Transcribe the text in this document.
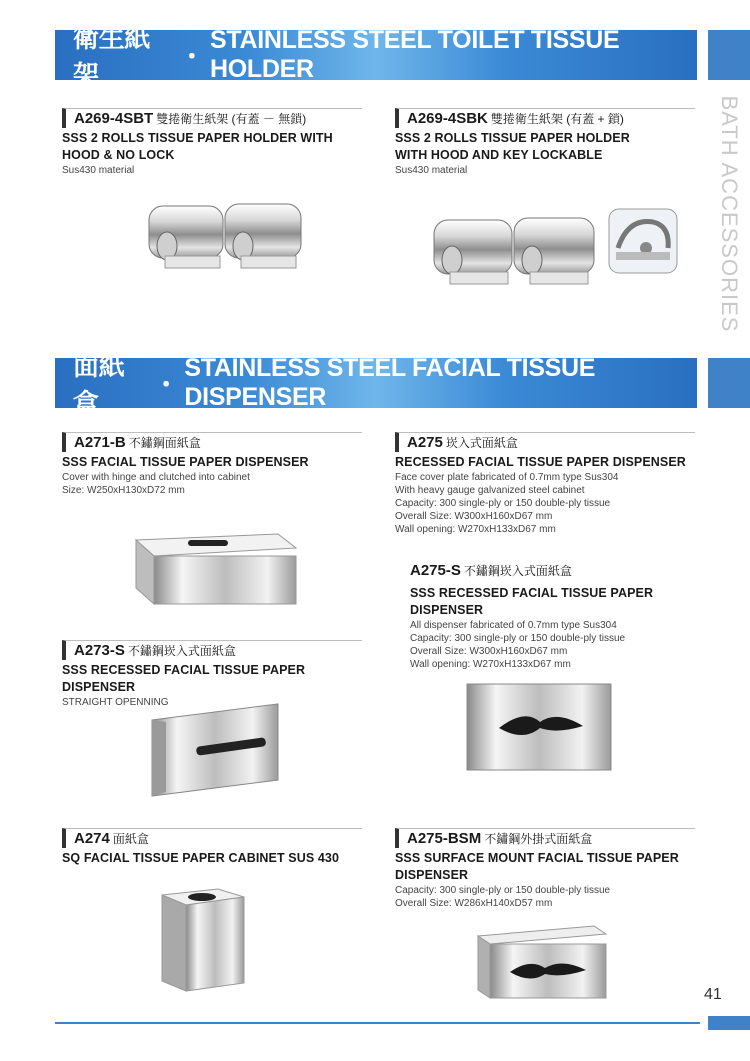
衛生紙架
・
STAINLESS STEEL TOILET TISSUE HOLDER
BATH ACCESSORIES
A269-4SBT 雙捲衛生紙架 (有蓋 － 無鎖)
SSS 2 ROLLS TISSUE PAPER HOLDER WITH
HOOD & NO LOCK
Sus430 material
A269-4SBK 雙捲衛生紙架 (有蓋 + 鎖)
SSS 2 ROLLS TISSUE PAPER HOLDER
WITH HOOD AND KEY LOCKABLE
Sus430 material
面紙盒
・
STAINLESS STEEL FACIAL TISSUE DISPENSER
A271-B 不鏽鋼面紙盒
SSS FACIAL TISSUE PAPER DISPENSER
Cover with hinge and clutched into cabinet
Size: W250xH130xD72 mm
A273-S 不鏽鋼崁入式面紙盒
SSS RECESSED FACIAL TISSUE PAPER DISPENSER
STRAIGHT OPENNING
A275 崁入式面紙盒
RECESSED FACIAL TISSUE PAPER DISPENSER
Face cover plate fabricated of 0.7mm type Sus304
With heavy gauge galvanized steel cabinet
Capacity: 300 single-ply or 150 double-ply tissue
Overall Size: W300xH160xD67 mm
Wall opening: W270xH133xD67 mm
A275-S 不鏽鋼崁入式面紙盒
SSS RECESSED FACIAL TISSUE PAPER DISPENSER
All dispenser fabricated of 0.7mm type Sus304
Capacity: 300 single-ply or 150 double-ply tissue
Overall Size: W300xH160xD67 mm
Wall opening: W270xH133xD67 mm
A274 面紙盒
SQ FACIAL TISSUE PAPER CABINET SUS 430
A275-BSM 不鏽鋼外掛式面紙盒
SSS SURFACE MOUNT FACIAL TISSUE PAPER
DISPENSER
Capacity: 300 single-ply or 150 double-ply tissue
Overall Size: W286xH140xD57 mm
41
